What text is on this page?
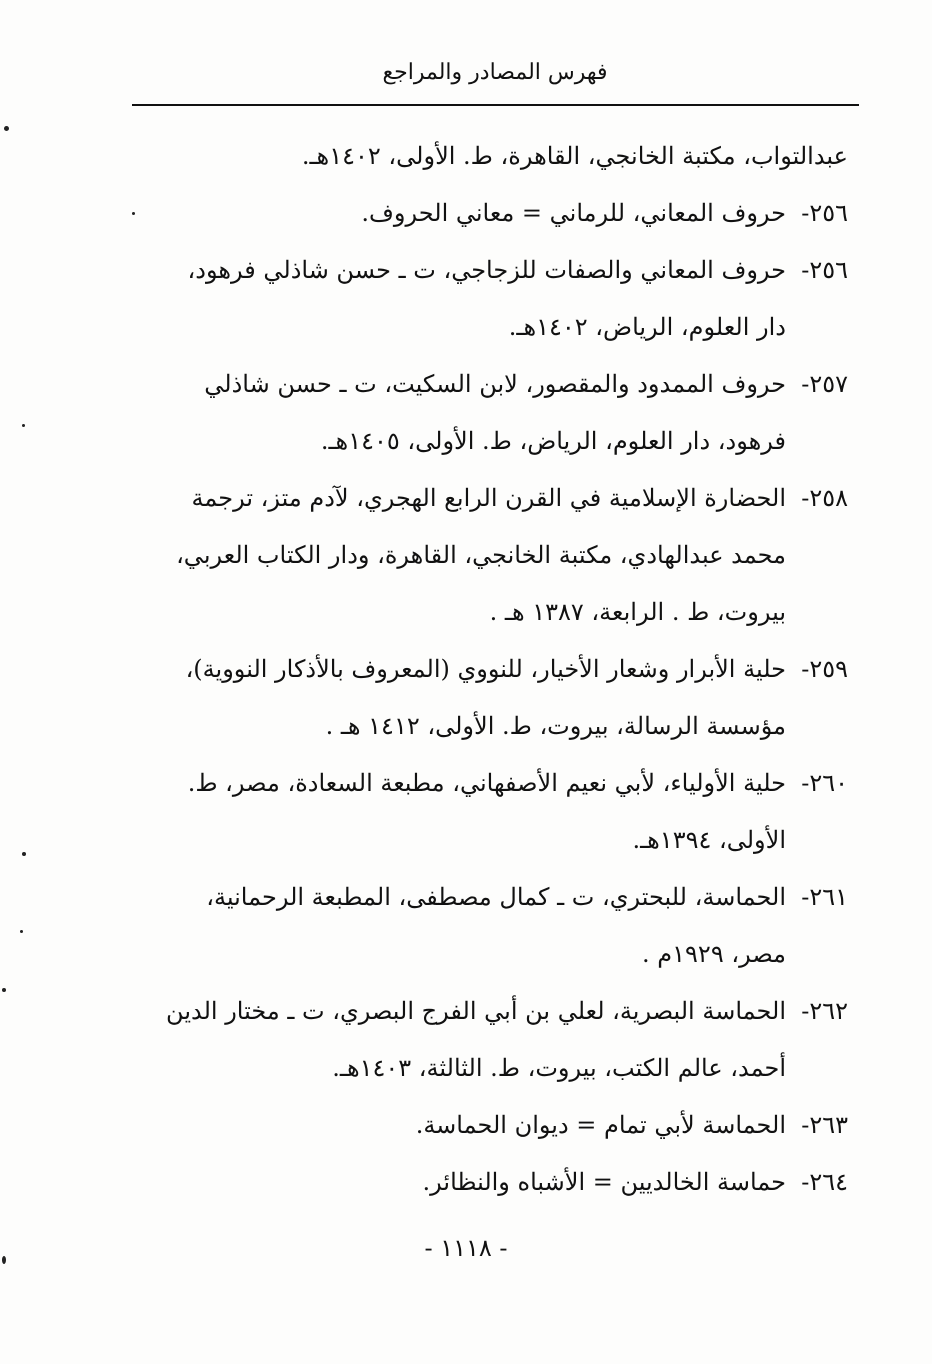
فهرس المصادر والمراجع
عبدالتواب، مكتبة الخانجي، القاهرة، ط. الأولى، ١٤٠٢هـ.
٢٥٦-
حروف المعاني، للرماني = معاني الحروف.
٢٥٦-
حروف المعاني والصفات للزجاجي، ت ـ حسن شاذلي فرهود،
دار العلوم، الرياض، ١٤٠٢هـ.
٢٥٧-
حروف الممدود والمقصور، لابن السكيت، ت ـ حسن شاذلي
فرهود، دار العلوم، الرياض، ط. الأولى، ١٤٠٥هـ.
٢٥٨-
الحضارة الإسلامية في القرن الرابع الهجري، لآدم متز، ترجمة
محمد عبدالهادي، مكتبة الخانجي، القاهرة، ودار الكتاب العربي،
بيروت، ط . الرابعة، ١٣٨٧ هـ .
٢٥٩-
حلية الأبرار وشعار الأخيار، للنووي (المعروف بالأذكار النووية)،
مؤسسة الرسالة، بيروت، ط. الأولى، ١٤١٢ هـ .
٢٦٠-
حلية الأولياء، لأبي نعيم الأصفهاني، مطبعة السعادة، مصر، ط.
الأولى، ١٣٩٤هـ.
٢٦١-
الحماسة، للبحتري، ت ـ كمال مصطفى، المطبعة الرحمانية،
مصر، ١٩٢٩م .
٢٦٢-
الحماسة البصرية، لعلي بن أبي الفرج البصري، ت ـ مختار الدين
أحمد، عالم الكتب، بيروت، ط. الثالثة، ١٤٠٣هـ.
٢٦٣-
الحماسة لأبي تمام = ديوان الحماسة.
٢٦٤-
حماسة الخالديين = الأشباه والنظائر.
- ١١١٨ -
